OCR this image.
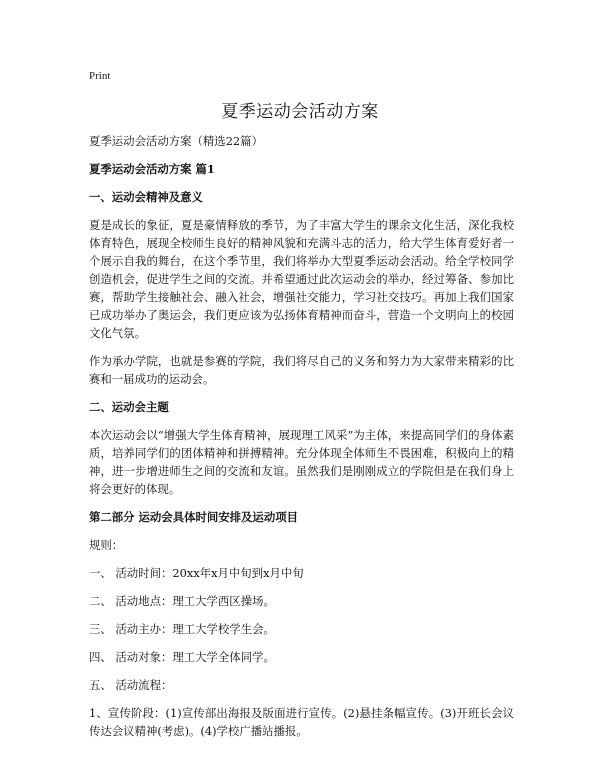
Print
夏季运动会活动方案

夏季运动会活动方案（精选22篇）

夏季运动会活动方案 篇1

一、运动会精神及意义

夏是成长的象征，夏是豪情释放的季节，为了丰富大学生的课余文化生活，深化我校体育特色，展现全校师生良好的精神风貌和充满斗志的活力，给大学生体育爱好者一个展示自我的舞台，在这个季节里，我们将举办大型夏季运动会活动。给全学校同学创造机会，促进学生之间的交流。并希望通过此次运动会的举办，经过筹备、参加比赛，帮助学生接触社会、融入社会，增强社交能力，学习社交技巧。再加上我们国家已成功举办了奥运会，我们更应该为弘扬体育精神而奋斗，营造一个文明向上的校园文化气氛。

作为承办学院，也就是参赛的学院，我们将尽自己的义务和努力为大家带来精彩的比赛和一届成功的运动会。

二、运动会主题

本次运动会以“增强大学生体育精神，展现理工风采”为主体，来提高同学们的身体素质，培养同学们的团体精神和拼搏精神。充分体现全体师生不畏困难，积极向上的精神，进一步增进师生之间的交流和友谊。虽然我们是刚刚成立的学院但是在我们身上将会更好的体现。

第二部分 运动会具体时间安排及运动项目

规则：

一、 活动时间：20xx年x月中旬到x月中旬

二、 活动地点：理工大学西区操场。

三、 活动主办：理工大学校学生会。

四、 活动对象：理工大学全体同学。

五、 活动流程：

1、宣传阶段：(1)宣传部出海报及版面进行宣传。(2)悬挂条幅宣传。(3)开班长会议传达会议精神(考虑)。(4)学校广播站播报。
